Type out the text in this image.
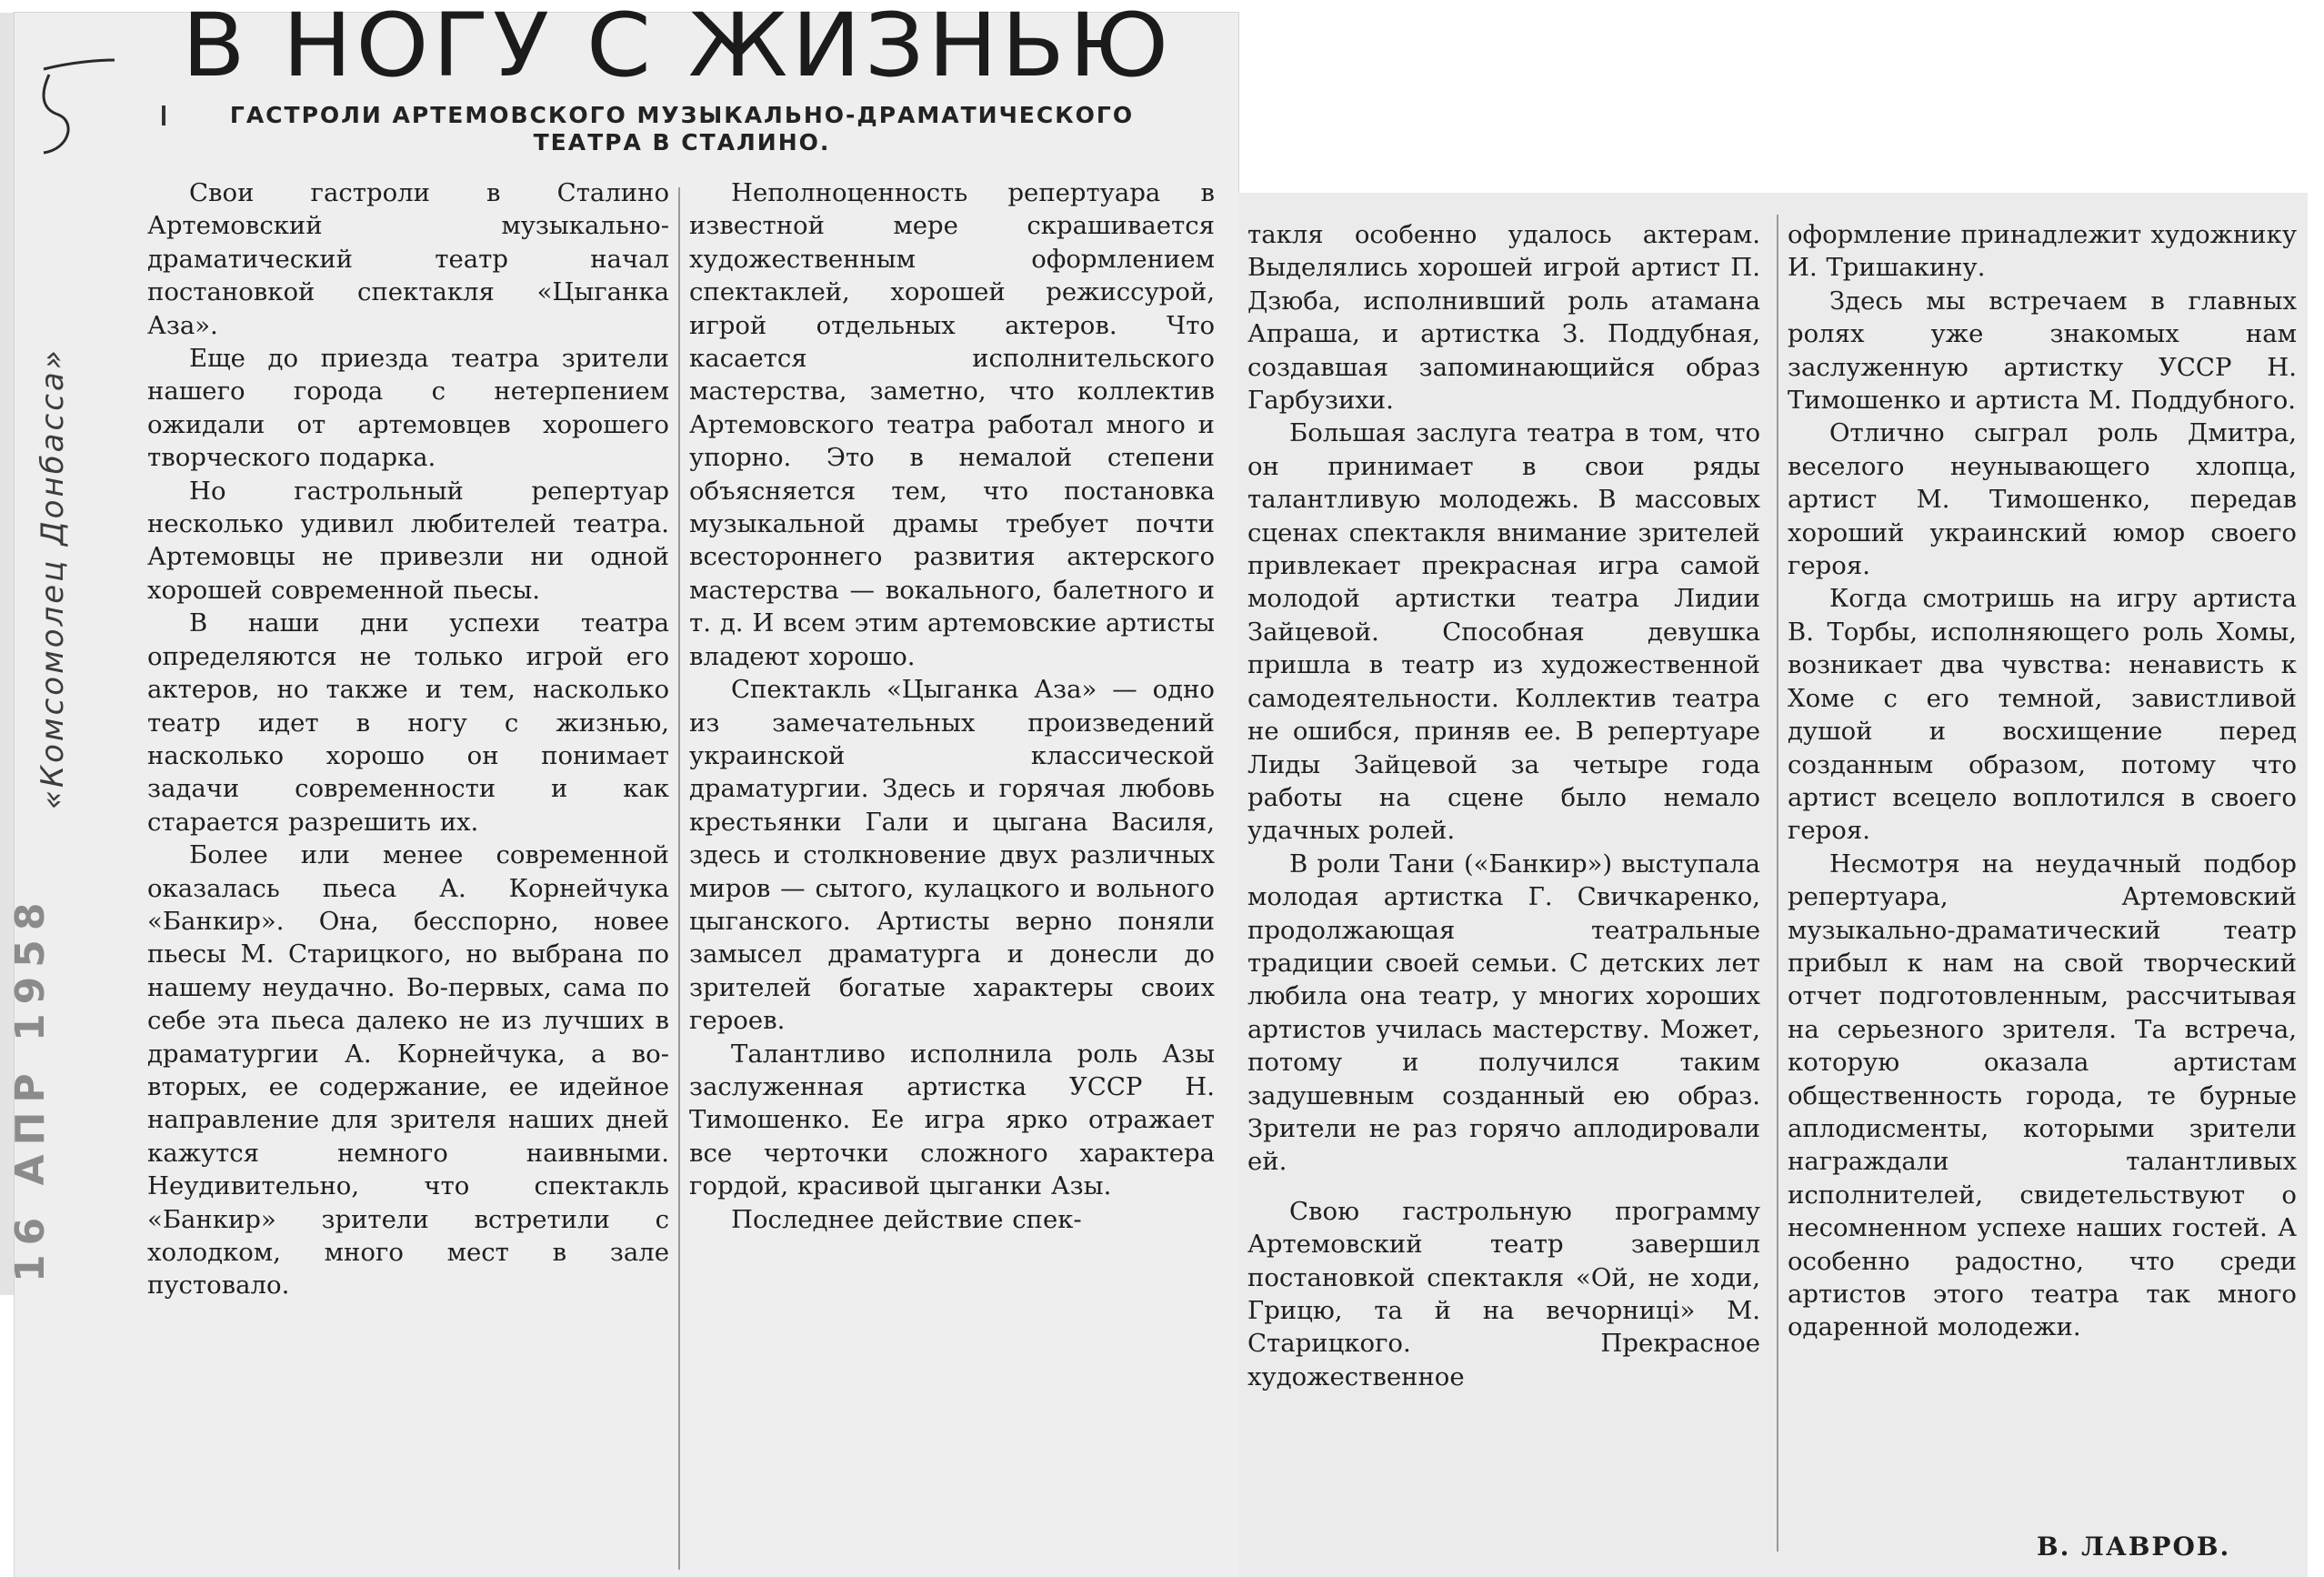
«Комсомолец Донбасса»
16 АПР 1958
В НОГУ С ЖИЗНЬЮ
ГАСТРОЛИ АРТЕМОВСКОГО МУЗЫКАЛЬНО-ДРАМАТИЧЕСКОГО ТЕАТРА В СТАЛИНО.

Свои гастроли в Сталино Артемовский музыкально-драматический театр начал постановкой спектакля «Цыганка Аза».

Еще до приезда театра зрители нашего города с нетерпением ожидали от артемовцев хорошего творческого подарка.

Но гастрольный репертуар несколько удивил любителей театра. Артемовцы не привезли ни одной хорошей современной пьесы.

В наши дни успехи театра определяются не только игрой его актеров, но также и тем, насколько театр идет в ногу с жизнью, насколько хорошо он понимает задачи современности и как старается разрешить их.

Более или менее современной оказалась пьеса А. Корнейчука «Банкир». Она, бесспорно, новее пьесы М. Старицкого, но выбрана по нашему неудачно. Во-первых, сама по себе эта пьеса далеко не из лучших в драматургии А. Корнейчука, а во-вторых, ее содержание, ее идейное направление для зрителя наших дней кажутся немного наивными. Неудивительно, что спектакль «Банкир» зрители встретили с холодком, много мест в зале пустовало.

Неполноценность репертуара в известной мере скрашивается художественным оформлением спектаклей, хорошей режиссурой, игрой отдельных актеров. Что касается исполнительского мастерства, заметно, что коллектив Артемовского театра работал много и упорно. Это в немалой степени объясняется тем, что постановка музыкальной драмы требует почти всестороннего развития актерского мастерства — вокального, балетного и т. д. И всем этим артемовские артисты владеют хорошо.

Спектакль «Цыганка Аза» — одно из замечательных произведений украинской классической драматургии. Здесь и горячая любовь крестьянки Гали и цыгана Василя, здесь и столкновение двух различных миров — сытого, кулацкого и вольного цыганского. Артисты верно поняли замысел драматурга и донесли до зрителей богатые характеры своих героев.

Талантливо исполнила роль Азы заслуженная артистка УССР Н. Тимошенко. Ее игра ярко отражает все черточки сложного характера гордой, красивой цыганки Азы.

Последнее действие спек-

такля особенно удалось актерам. Выделялись хорошей игрой артист П. Дзюба, исполнивший роль атамана Апраша, и артистка З. Поддубная, создавшая запоминающийся образ Гарбузихи.

Большая заслуга театра в том, что он принимает в свои ряды талантливую молодежь. В массовых сценах спектакля внимание зрителей привлекает прекрасная игра самой молодой артистки театра Лидии Зайцевой. Способная девушка пришла в театр из художественной самодеятельности. Коллектив театра не ошибся, приняв ее. В репертуаре Лиды Зайцевой за четыре года работы на сцене было немало удачных ролей.

В роли Тани («Банкир») выступала молодая артистка Г. Свичкаренко, продолжающая театральные традиции своей семьи. С детских лет любила она театр, у многих хороших артистов училась мастерству. Может, потому и получился таким задушевным созданный ею образ. Зрители не раз горячо аплодировали ей.

Свою гастрольную программу Артемовский театр завершил постановкой спектакля «Ой, не ходи, Грицю, та й на вечорниці» М. Старицкого. Прекрасное художественное

оформление принадлежит художнику И. Тришакину.

Здесь мы встречаем в главных ролях уже знакомых нам заслуженную артистку УССР Н. Тимошенко и артиста М. Поддубного.

Отлично сыграл роль Дмитра, веселого неунывающего хлопца, артист М. Тимошенко, передав хороший украинский юмор своего героя.

Когда смотришь на игру артиста В. Торбы, исполняющего роль Хомы, возникает два чувства: ненависть к Хоме с его темной, завистливой душой и восхищение перед созданным образом, потому что артист всецело воплотился в своего героя.

Несмотря на неудачный подбор репертуара, Артемовский музыкально-драматический театр прибыл к нам на свой творческий отчет подготовленным, рассчитывая на серьезного зрителя. Та встреча, которую оказала артистам общественность города, те бурные аплодисменты, которыми зрители награждали талантливых исполнителей, свидетельствуют о несомненном успехе наших гостей. А особенно радостно, что среди артистов этого театра так много одаренной молодежи.

В. ЛАВРОВ.
